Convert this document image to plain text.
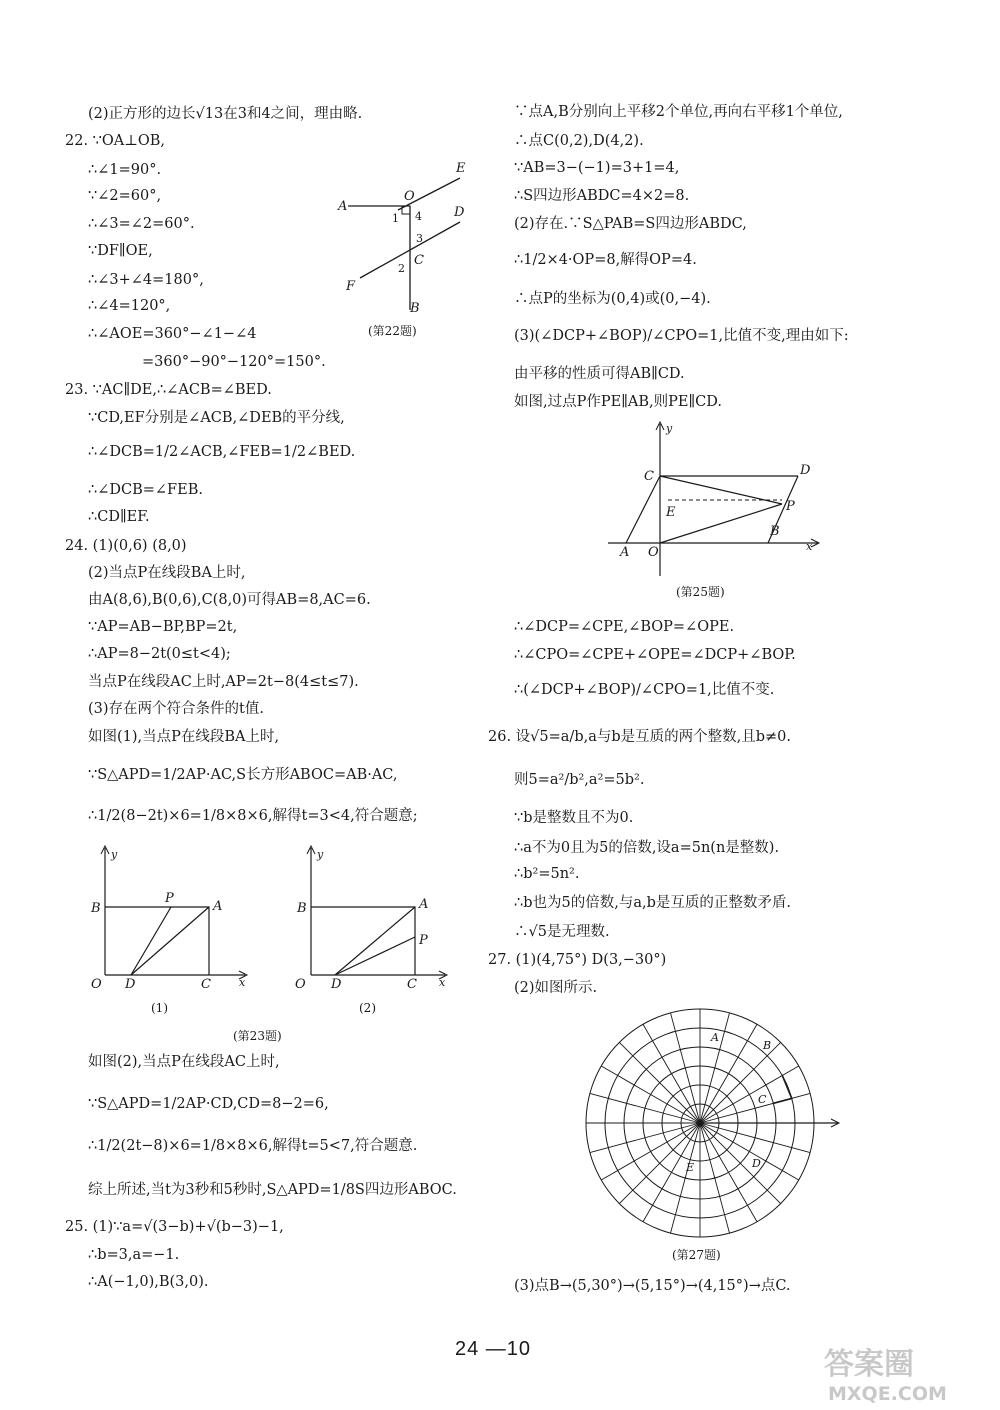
(2)正方形的边长√13在3和4之间，理由略.
22. ∵OA⊥OB,
∴∠1=90°.
∵∠2=60°,
∴∠3=∠2=60°.
∵DF∥OE,
∴∠3+∠4=180°,
∴∠4=120°,
∴∠AOE=360°−∠1−∠4
=360°−90°−120°=150°.
23. ∵AC∥DE,∴∠ACB=∠BED.
∵CD,EF分别是∠ACB,∠DEB的平分线,
∴∠DCB=1/2∠ACB,∠FEB=1/2∠BED.
∴∠DCB=∠FEB.
∴CD∥EF.
24. (1)(0,6) (8,0)
(2)当点P在线段BA上时,
由A(8,6),B(0,6),C(8,0)可得AB=8,AC=6.
∵AP=AB−BP,BP=2t,
∴AP=8−2t(0≤t<4);
当点P在线段AC上时,AP=2t−8(4≤t≤7).
(3)存在两个符合条件的t值.
如图(1),当点P在线段BA上时,
∵S△APD=1/2AP·AC,S长方形ABOC=AB·AC,
∴1/2(8−2t)×6=1/8×8×6,解得t=3<4,符合题意;
如图(2),当点P在线段AC上时,
∵S△APD=1/2AP·CD,CD=8−2=6,
∴1/2(2t−8)×6=1/8×8×6,解得t=5<7,符合题意.
综上所述,当t为3秒和5秒时,S△APD=1/8S四边形ABOC.
25. (1)∵a=√(3−b)+√(b−3)−1,
∴b=3,a=−1.
∴A(−1,0),B(3,0).
A
O
E
D
1 4
3
C
2
F
B
(第22题)
y
B
P
A
O D	C	x
(1)
y
B	A
P
O D	C x
(2)
(第23题)
∵点A,B分别向上平移2个单位,再向右平移1个单位,
∴点C(0,2),D(4,2).
∵AB=3−(−1)=3+1=4,
∴S四边形ABDC=4×2=8.
(2)存在.∵S△PAB=S四边形ABDC,
∴1/2×4·OP=8,解得OP=4.
∴点P的坐标为(0,4)或(0,−4).
(3)(∠DCP+∠BOP)/∠CPO=1,比值不变,理由如下:
由平移的性质可得AB∥CD.
如图,过点P作PE∥AB,则PE∥CD.
∴∠DCP=∠CPE,∠BOP=∠OPE.
∴∠CPO=∠CPE+∠OPE=∠DCP+∠BOP.
∴(∠DCP+∠BOP)/∠CPO=1,比值不变.
26. 设√5=a/b,a与b是互质的两个整数,且b≠0.
则5=a²/b²,a²=5b².
∵b是整数且不为0.
∴a不为0且为5的倍数,设a=5n(n是整数).
∴b²=5n².
∴b也为5的倍数,与a,b是互质的正整数矛盾.
∴√5是无理数.
27. (1)(4,75°) D(3,−30°)
(2)如图所示.
(3)点B→(5,30°)→(5,15°)→(4,15°)→点C.
y
C	D
E	P
B
A O	x
(第25题)
A
B
C
E	D
(第27题)
24 —10	答案圈
MXQE.COM
